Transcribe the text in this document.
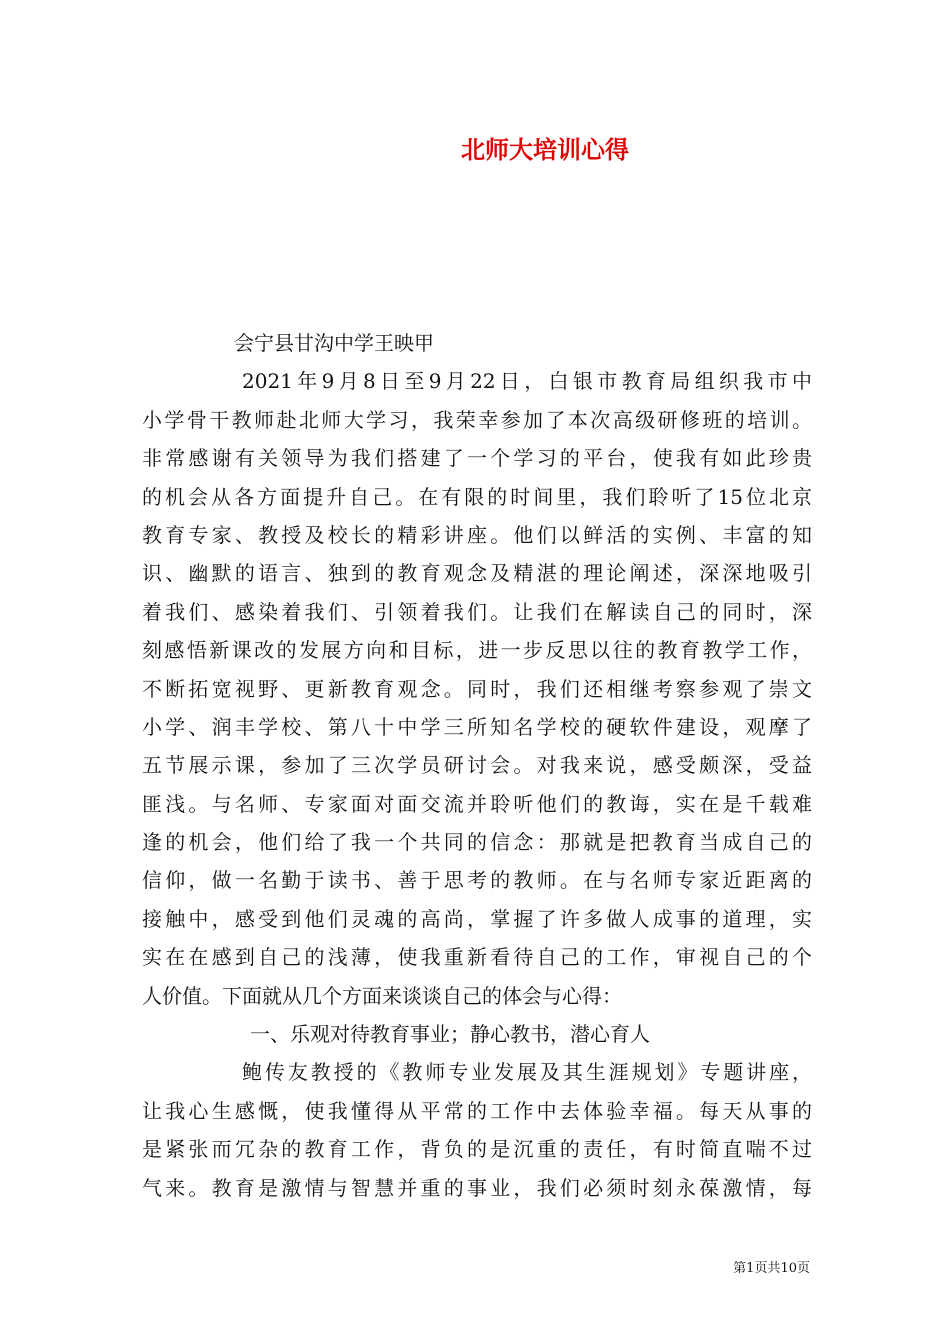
北师大培训心得
会宁县甘沟中学王映甲
2021年9月8日至9月22日，白银市教育局组织我市中
小学骨干教师赴北师大学习，我荣幸参加了本次高级研修班的培训。
非常感谢有关领导为我们搭建了一个学习的平台，使我有如此珍贵
的机会从各方面提升自己。在有限的时间里，我们聆听了15位北京
教育专家、教授及校长的精彩讲座。他们以鲜活的实例、丰富的知
识、幽默的语言、独到的教育观念及精湛的理论阐述，深深地吸引
着我们、感染着我们、引领着我们。让我们在解读自己的同时，深
刻感悟新课改的发展方向和目标，进一步反思以往的教育教学工作，
不断拓宽视野、更新教育观念。同时，我们还相继考察参观了崇文
小学、润丰学校、第八十中学三所知名学校的硬软件建设，观摩了
五节展示课，参加了三次学员研讨会。对我来说，感受颇深，受益
匪浅。与名师、专家面对面交流并聆听他们的教诲，实在是千载难
逢的机会，他们给了我一个共同的信念：那就是把教育当成自己的
信仰，做一名勤于读书、善于思考的教师。在与名师专家近距离的
接触中，感受到他们灵魂的高尚，掌握了许多做人成事的道理，实
实在在感到自己的浅薄，使我重新看待自己的工作，审视自己的个
人价值。下面就从几个方面来谈谈自己的体会与心得：
一、乐观对待教育事业；静心教书，潜心育人
鲍传友教授的《教师专业发展及其生涯规划》专题讲座，
让我心生感慨，使我懂得从平常的工作中去体验幸福。每天从事的
是紧张而冗杂的教育工作，背负的是沉重的责任，有时简直喘不过
气来。教育是激情与智慧并重的事业，我们必须时刻永葆激情，每
第1页共10页
